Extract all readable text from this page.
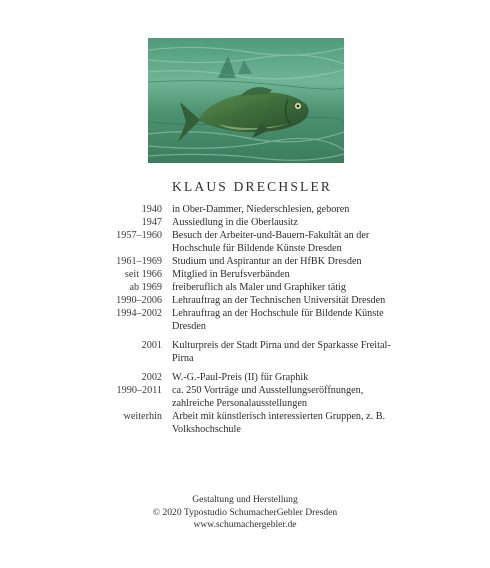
KLAUS DRECHSLER
1940 in Ober-Dammer, Niederschlesien, geboren
1947 Aussiedlung in die Oberlausitz
1957–1960 Besuch der Arbeiter-und-Bauern-Fakultät an der Hochschule für Bildende Künste Dresden
1961–1969 Studium und Aspirantur an der HfBK Dresden
seit 1966 Mitglied in Berufsverbänden
ab 1969 freiberuflich als Maler und Graphiker tätig
1990–2006 Lehrauftrag an der Technischen Universität Dresden
1994–2002 Lehrauftrag an der Hochschule für Bildende Künste Dresden
2001 Kulturpreis der Stadt Pirna und der Sparkasse Freital-Pirna
2002 W.-G.-Paul-Preis (II) für Graphik
1990–2011 ca. 250 Vorträge und Ausstellungseröffnungen, zahlreiche Personalausstellungen
weiterhin Arbeit mit künstlerisch interessierten Gruppen, z. B. Volkshochschule
Gestaltung und Herstellung
© 2020 Typostudio SchumacherGebler Dresden
www.schumachergebler.de
